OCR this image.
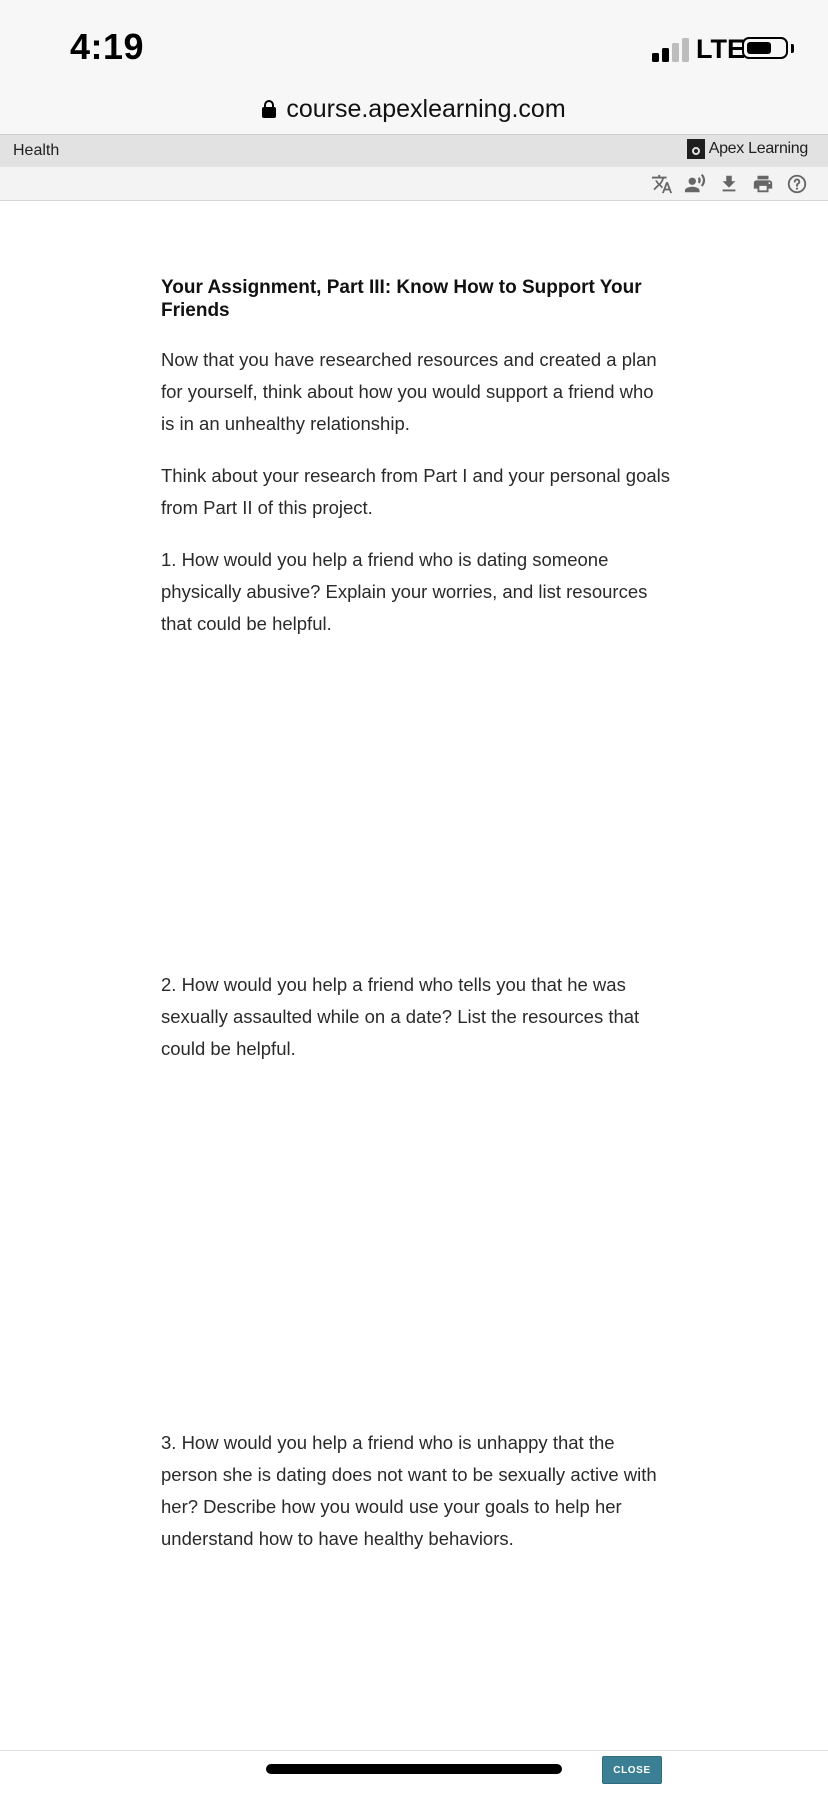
4:19	LTE
course.apexlearning.com
Health	Apex Learning
Your Assignment, Part III: Know How to Support Your Friends

Now that you have researched resources and created a plan for yourself, think about how you would support a friend who is in an unhealthy relationship.

Think about your research from Part I and your personal goals from Part II of this project.

1. How would you help a friend who is dating someone physically abusive? Explain your worries, and list resources that could be helpful.

2. How would you help a friend who tells you that he was sexually assaulted while on a date? List the resources that could be helpful.

3. How would you help a friend who is unhappy that the person she is dating does not want to be sexually active with her? Describe how you would use your goals to help her understand how to have healthy behaviors.

CLOSE
